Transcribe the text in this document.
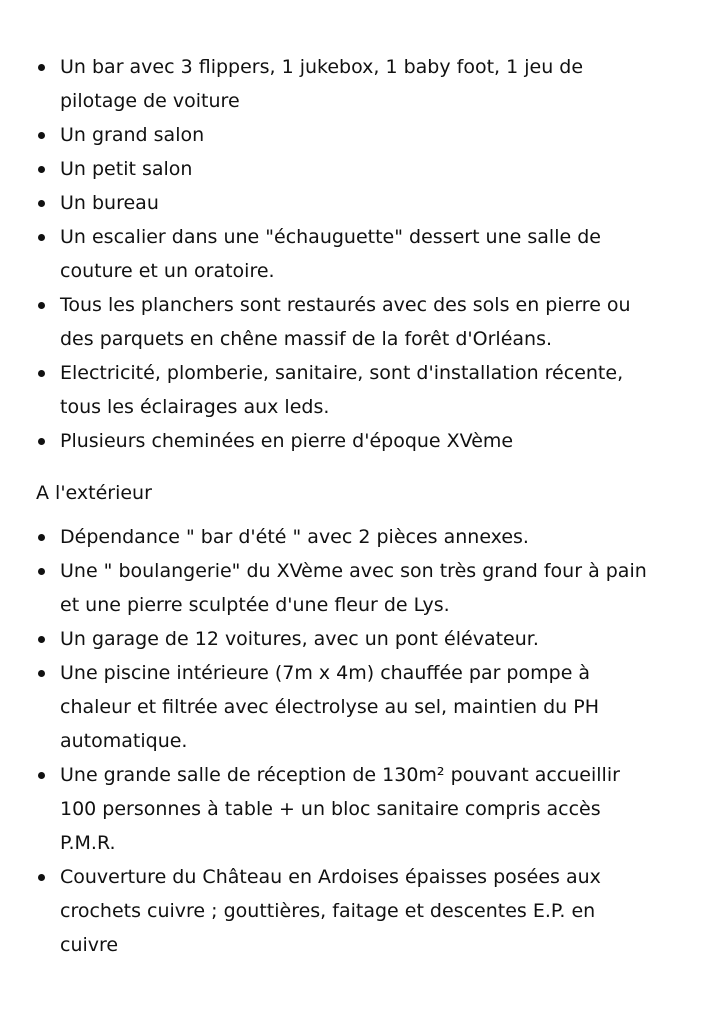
Un bar avec 3 flippers, 1 jukebox, 1 baby foot, 1 jeu de pilotage de voiture
Un grand salon
Un petit salon
Un bureau
Un escalier dans une "échauguette" dessert une salle de couture et un oratoire.
Tous les planchers sont restaurés avec des sols en pierre ou des parquets en chêne massif de la forêt d'Orléans.
Electricité, plomberie, sanitaire, sont d'installation récente, tous les éclairages aux leds.
Plusieurs cheminées en pierre d'époque XVème
A l'extérieur
Dépendance " bar d'été " avec 2 pièces annexes.
Une " boulangerie" du XVème avec son très grand four à pain et une pierre sculptée d'une fleur de Lys.
Un garage de 12 voitures, avec un pont élévateur.
Une piscine intérieure (7m x 4m) chauffée par pompe à chaleur et filtrée avec électrolyse au sel, maintien du PH automatique.
Une grande salle de réception de 130m² pouvant accueillir 100 personnes à table + un bloc sanitaire compris accès P.M.R.
Couverture du Château en Ardoises épaisses posées aux crochets cuivre ; gouttières, faitage et descentes E.P. en cuivre
